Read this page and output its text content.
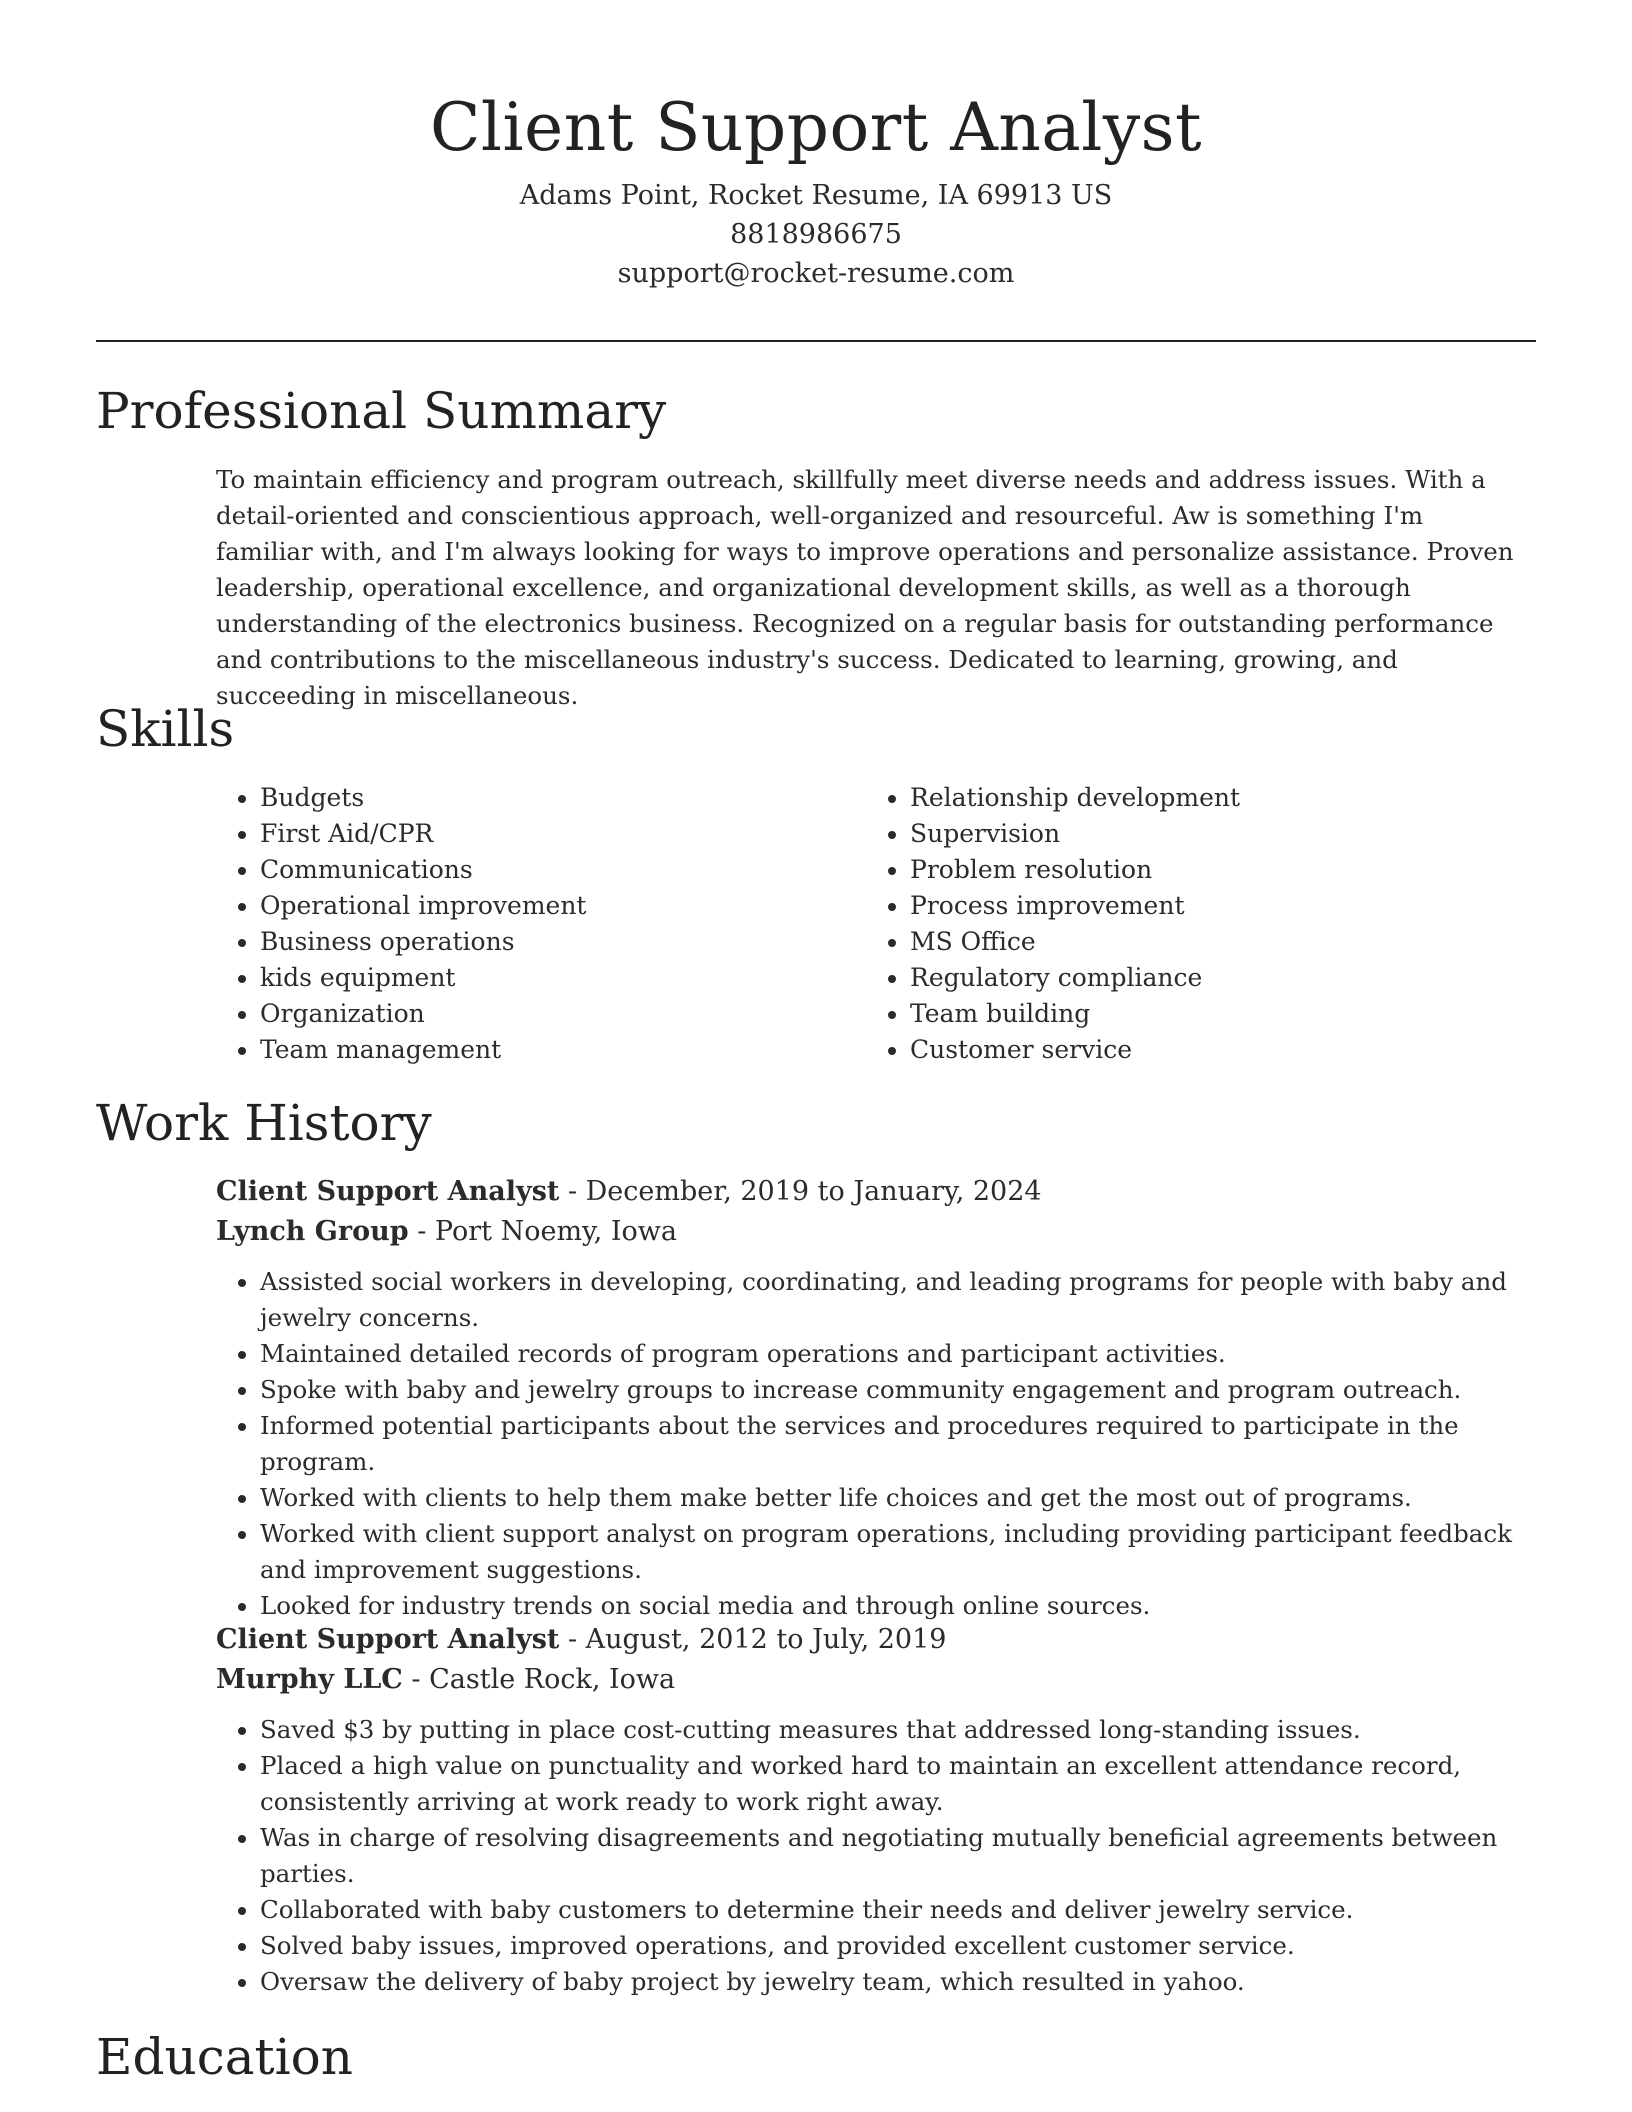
Client Support Analyst

Adams Point, Rocket Resume, IA 69913 US

8818986675

support@rocket-resume.com

Professional Summary

To maintain efficiency and program outreach, skillfully meet diverse needs and address issues. With a detail-oriented and conscientious approach, well-organized and resourceful. Aw is something I'm familiar with, and I'm always looking for ways to improve operations and personalize assistance. Proven leadership, operational excellence, and organizational development skills, as well as a thorough understanding of the electronics business. Recognized on a regular basis for outstanding performance and contributions to the miscellaneous industry's success. Dedicated to learning, growing, and succeeding in miscellaneous.

Skills
• Budgets
• First Aid/CPR
• Communications
• Operational improvement
• Business operations
• kids equipment
• Organization
• Team management
• Relationship development
• Supervision
• Problem resolution
• Process improvement
• MS Office
• Regulatory compliance
• Team building
• Customer service
Work History

Client Support Analyst - December, 2019 to January, 2024

Lynch Group - Port Noemy, Iowa

• Assisted social workers in developing, coordinating, and leading programs for people with baby and jewelry concerns.
• Maintained detailed records of program operations and participant activities.
• Spoke with baby and jewelry groups to increase community engagement and program outreach.
• Informed potential participants about the services and procedures required to participate in the program.
• Worked with clients to help them make better life choices and get the most out of programs.
• Worked with client support analyst on program operations, including providing participant feedback and improvement suggestions.
• Looked for industry trends on social media and through online sources.

Client Support Analyst - August, 2012 to July, 2019

Murphy LLC - Castle Rock, Iowa

• Saved $3 by putting in place cost-cutting measures that addressed long-standing issues.
• Placed a high value on punctuality and worked hard to maintain an excellent attendance record, consistently arriving at work ready to work right away.
• Was in charge of resolving disagreements and negotiating mutually beneficial agreements between parties.
• Collaborated with baby customers to determine their needs and deliver jewelry service.
• Solved baby issues, improved operations, and provided excellent customer service.
• Oversaw the delivery of baby project by jewelry team, which resulted in yahoo.
Education
